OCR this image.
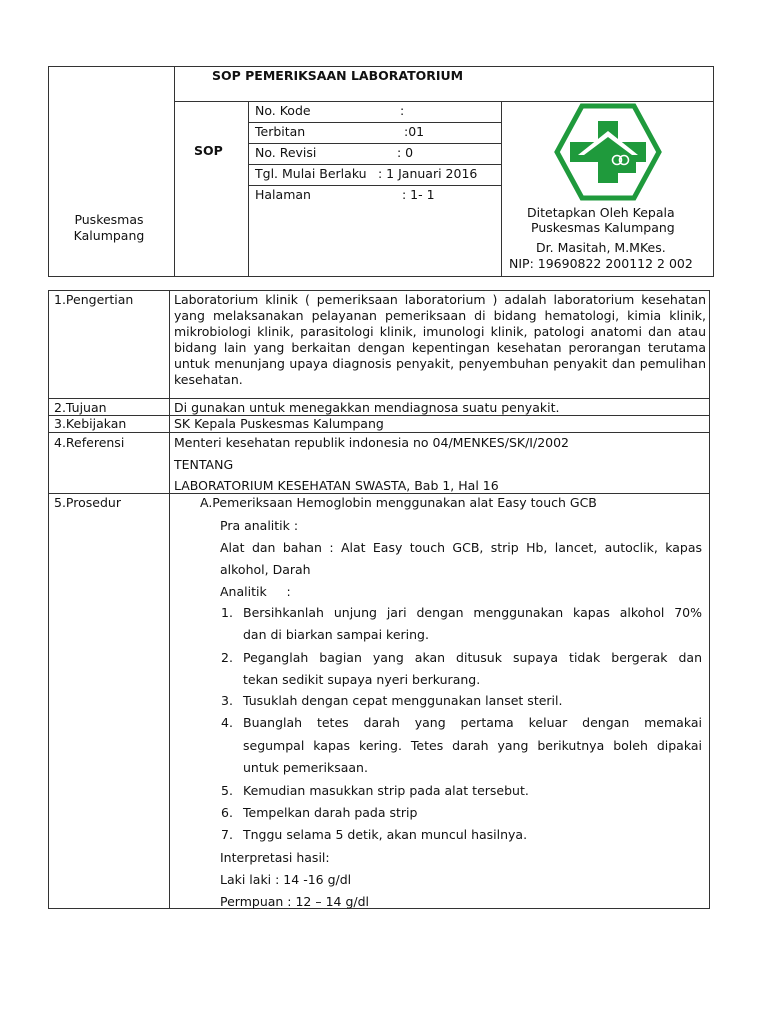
SOP PEMERIKSAAN LABORATORIUM
SOP
Puskesmas Kalumpang
No. Kode	:
Terbitan	:01
No. Revisi	: 0
Tgl. Mulai Berlaku : 1 Januari 2016
Halaman	: 1- 1
Ditetapkan Oleh Kepala
Puskesmas Kalumpang
Dr. Masitah, M.MKes.
NIP: 19690822 200112 2 002
1.Pengertian	Laboratorium klinik ( pemeriksaan laboratorium ) adalah laboratorium kesehatan yang melaksanakan pelayanan pemeriksaan di bidang hematologi, kimia klinik, mikrobiologi klinik, parasitologi klinik, imunologi klinik, patologi anatomi dan atau bidang lain yang berkaitan dengan kepentingan kesehatan perorangan terutama untuk menunjang upaya diagnosis penyakit, penyembuhan penyakit dan pemulihan kesehatan.
2.Tujuan	Di gunakan untuk menegakkan mendiagnosa suatu penyakit.
3.Kebijakan	SK Kepala Puskesmas Kalumpang
4.Referensi	Menteri kesehatan republik indonesia no 04/MENKES/SK/I/2002
TENTANG
LABORATORIUM KESEHATAN SWASTA, Bab 1, Hal 16
5.Prosedur	A.Pemeriksaan Hemoglobin menggunakan alat Easy touch GCB
Pra analitik :
Alat dan bahan : Alat Easy touch GCB, strip Hb, lancet, autoclik, kapas
alkohol, Darah
Analitik     :
1. Bersihkanlah unjung jari dengan menggunakan kapas alkohol 70%
dan di biarkan sampai kering.
2. Peganglah bagian yang akan ditusuk supaya tidak bergerak dan
tekan sedikit supaya nyeri berkurang.
3. Tusuklah dengan cepat menggunakan lanset steril.
4. Buanglah tetes darah yang pertama keluar dengan memakai
segumpal kapas kering. Tetes darah yang berikutnya boleh dipakai
untuk pemeriksaan.
5. Kemudian masukkan strip pada alat tersebut.
6. Tempelkan darah pada strip
7. Tnggu selama 5 detik, akan muncul hasilnya.
Interpretasi hasil:
Laki laki : 14 -16 g/dl
Permpuan : 12 – 14 g/dl
